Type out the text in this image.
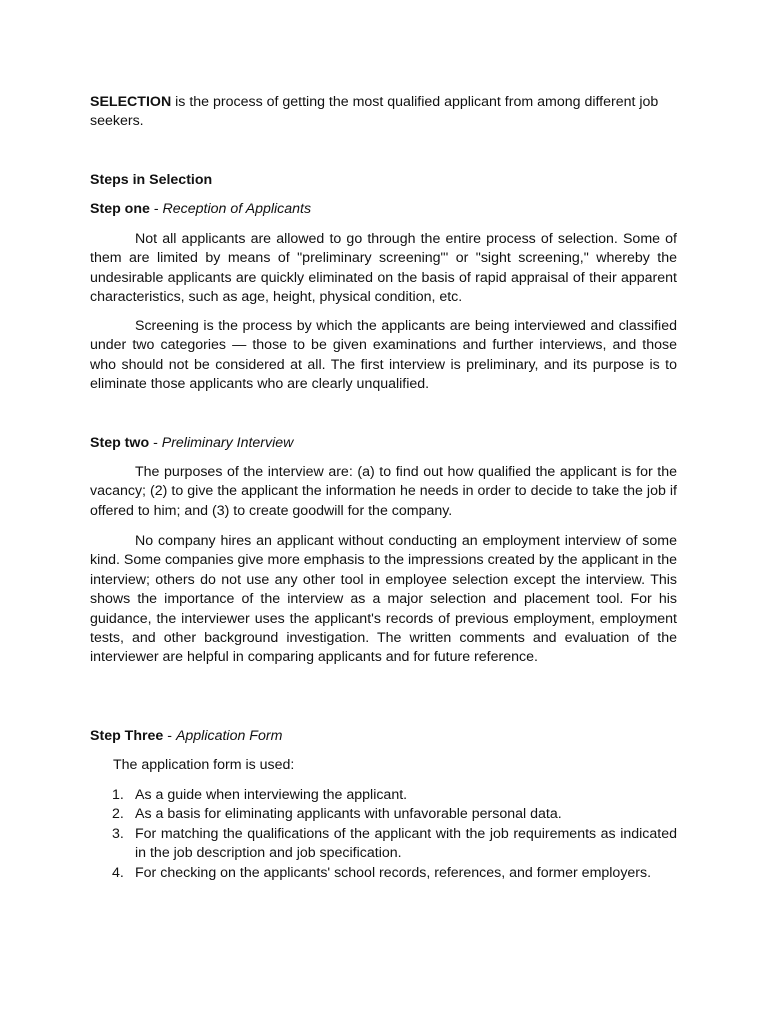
SELECTION is the process of getting the most qualified applicant from among different job seekers.

Steps in Selection

Step one - Reception of Applicants

Not all applicants are allowed to go through the entire process of selection. Some of them are limited by means of "preliminary screening"' or "sight screening," whereby the undesirable applicants are quickly eliminated on the basis of rapid appraisal of their apparent characteristics, such as age, height, physical condition, etc.

Screening is the process by which the applicants are being interviewed and classified under two categories — those to be given examinations and further interviews, and those who should not be considered at all. The first interview is preliminary, and its purpose is to eliminate those applicants who are clearly unqualified.

Step two - Preliminary Interview

The purposes of the interview are: (a) to find out how qualified the applicant is for the vacancy; (2) to give the applicant the information he needs in order to decide to take the job if offered to him; and (3) to create goodwill for the company.

No company hires an applicant without conducting an employment interview of some kind. Some companies give more emphasis to the impressions created by the applicant in the interview; others do not use any other tool in employee selection except the interview. This shows the importance of the interview as a major selection and placement tool. For his guidance, the interviewer uses the applicant's records of previous employment, employment tests, and other background investigation. The written comments and evaluation of the interviewer are helpful in comparing applicants and for future reference.

Step Three - Application Form

The application form is used:

1. As a guide when interviewing the applicant.
2. As a basis for eliminating applicants with unfavorable personal data.
3. For matching the qualifications of the applicant with the job requirements as indicated in the job description and job specification.
4. For checking on the applicants' school records, references, and former employers.
